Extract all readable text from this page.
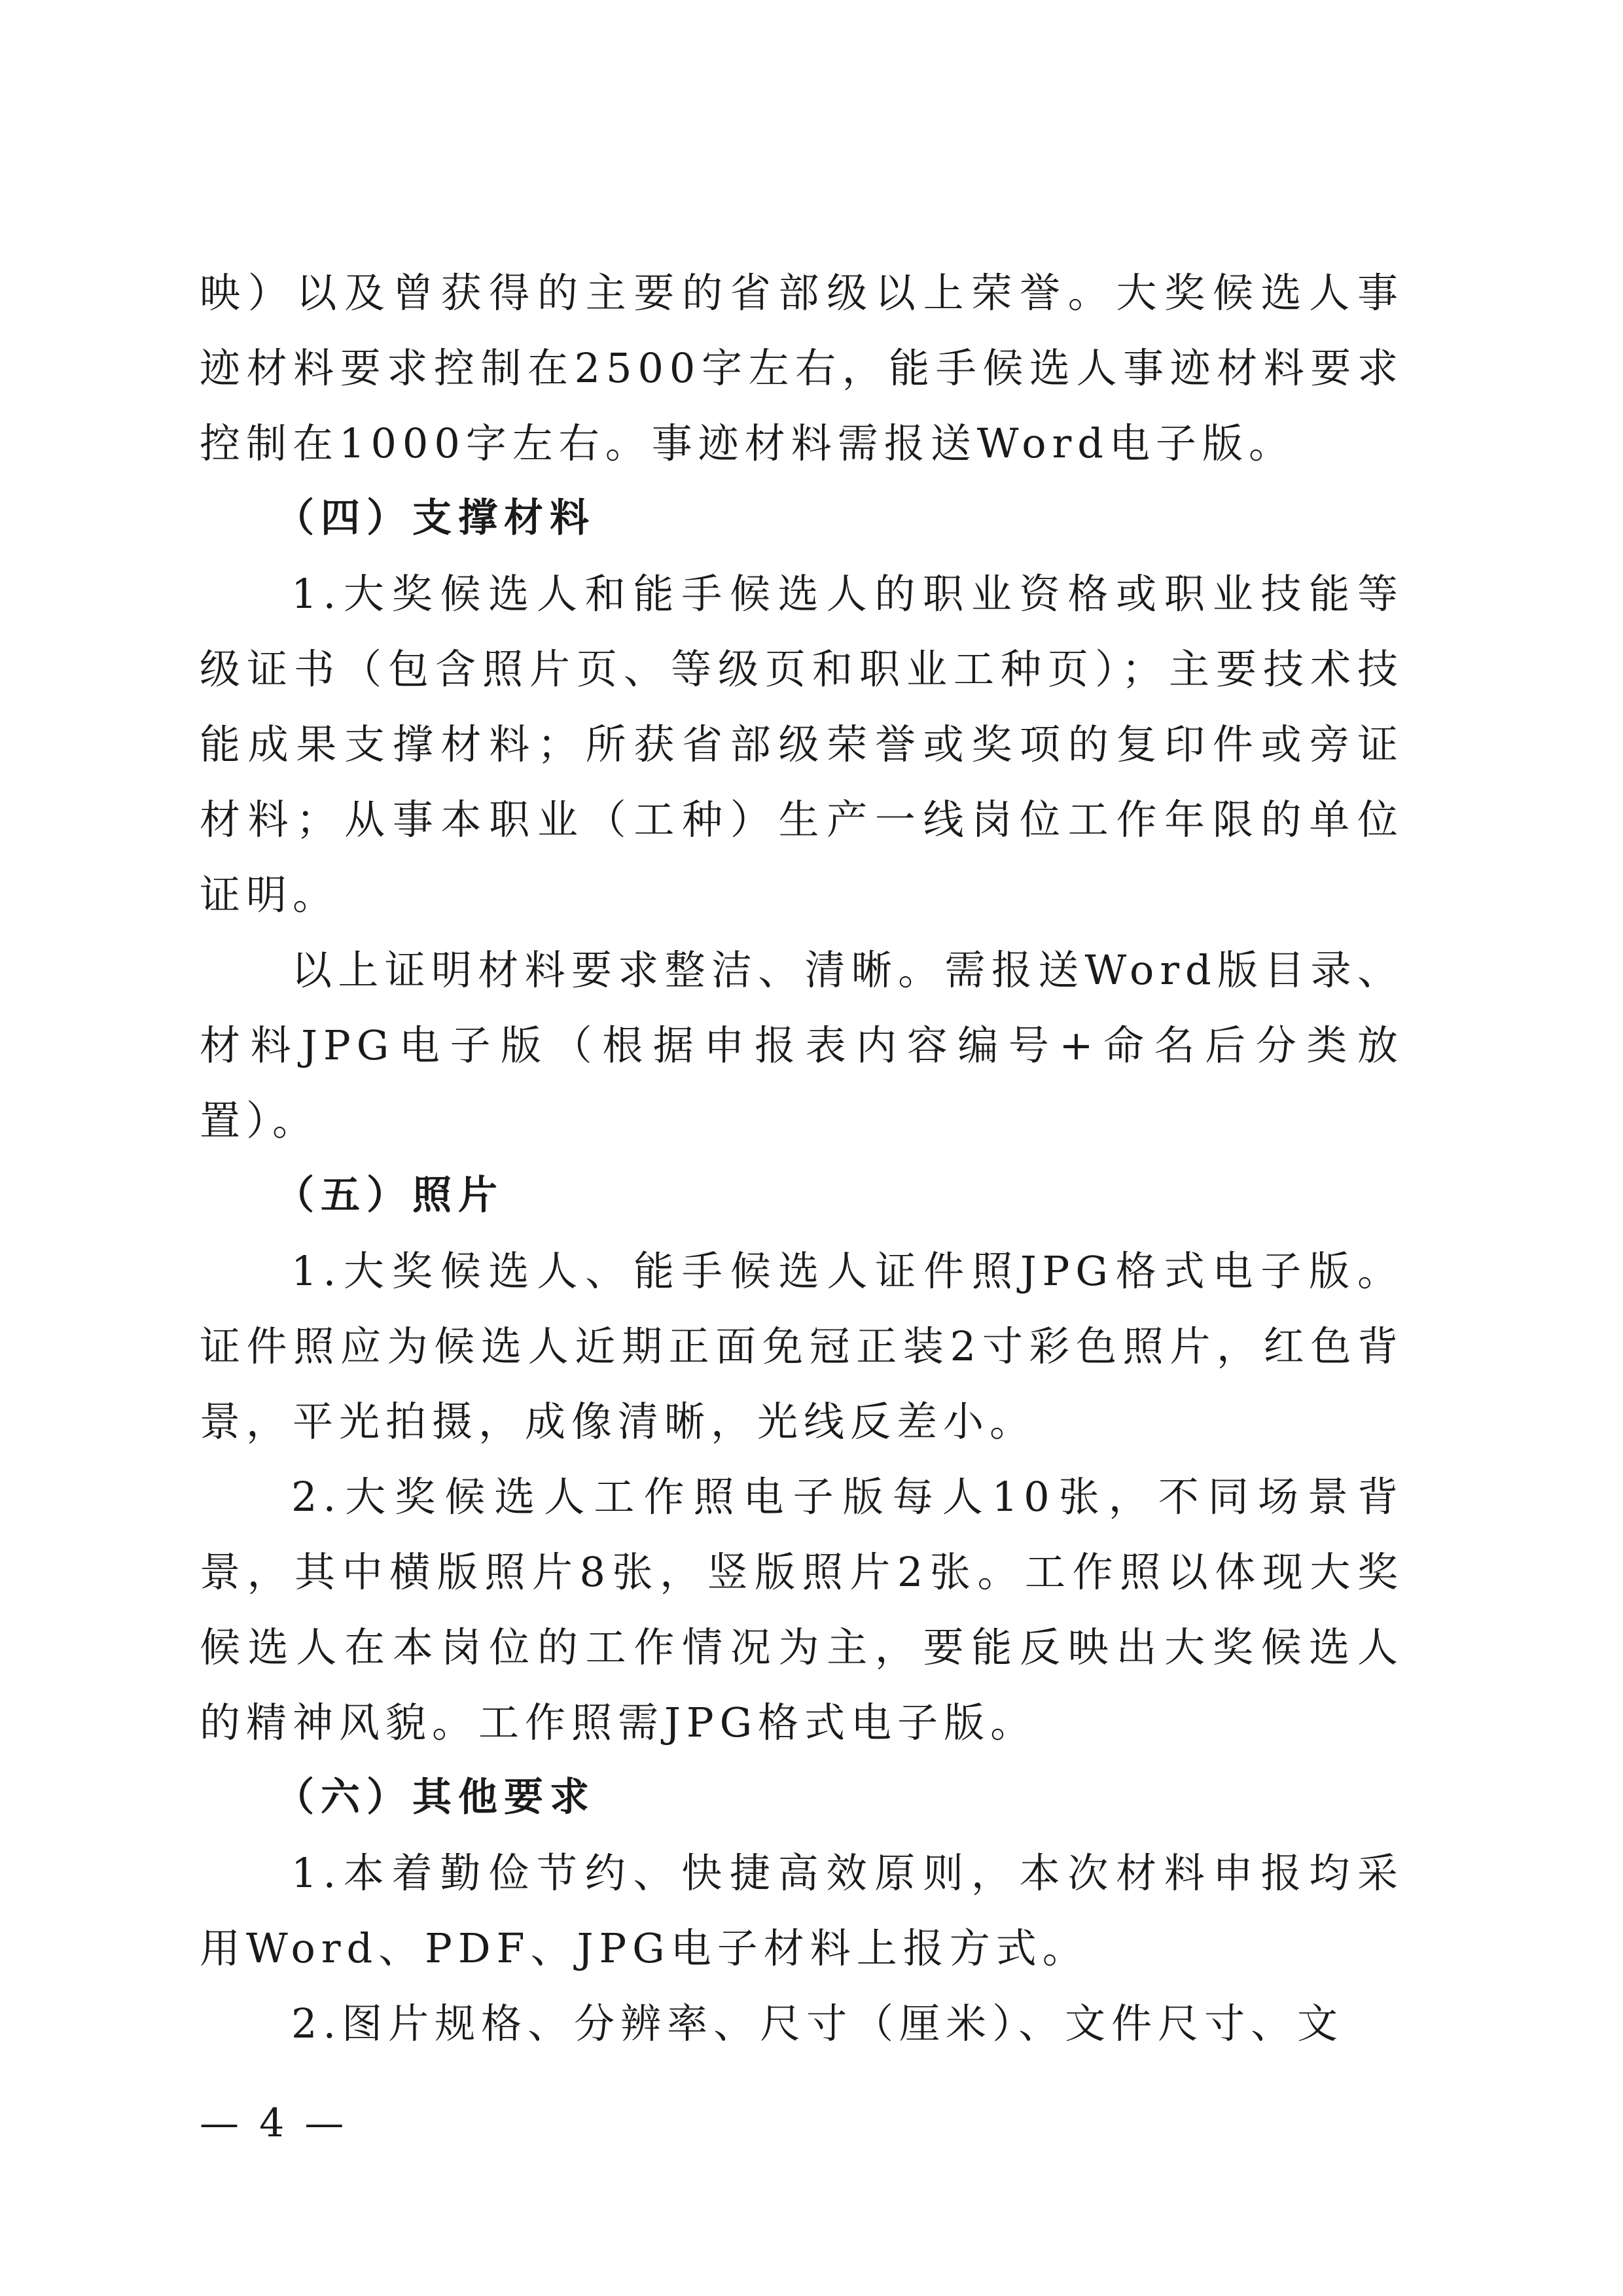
映）以及曾获得的主要的省部级以上荣誉。大奖候选人事迹材料要求控制在2500字左右，能手候选人事迹材料要求控制在1000字左右。事迹材料需报送Word电子版。

（四）支撑材料

1.大奖候选人和能手候选人的职业资格或职业技能等级证书（包含照片页、等级页和职业工种页）；主要技术技能成果支撑材料；所获省部级荣誉或奖项的复印件或旁证材料；从事本职业（工种）生产一线岗位工作年限的单位证明。

以上证明材料要求整洁、清晰。需报送Word版目录、材料JPG电子版（根据申报表内容编号+命名后分类放置）。

（五）照片

1.大奖候选人、能手候选人证件照JPG格式电子版。证件照应为候选人近期正面免冠正装2寸彩色照片，红色背景，平光拍摄，成像清晰，光线反差小。

2.大奖候选人工作照电子版每人10张，不同场景背景，其中横版照片8张，竖版照片2张。工作照以体现大奖候选人在本岗位的工作情况为主，要能反映出大奖候选人的精神风貌。工作照需JPG格式电子版。

（六）其他要求

1.本着勤俭节约、快捷高效原则，本次材料申报均采用Word、PDF、JPG电子材料上报方式。

2.图片规格、分辨率、尺寸（厘米）、文件尺寸、文

— 4 —
